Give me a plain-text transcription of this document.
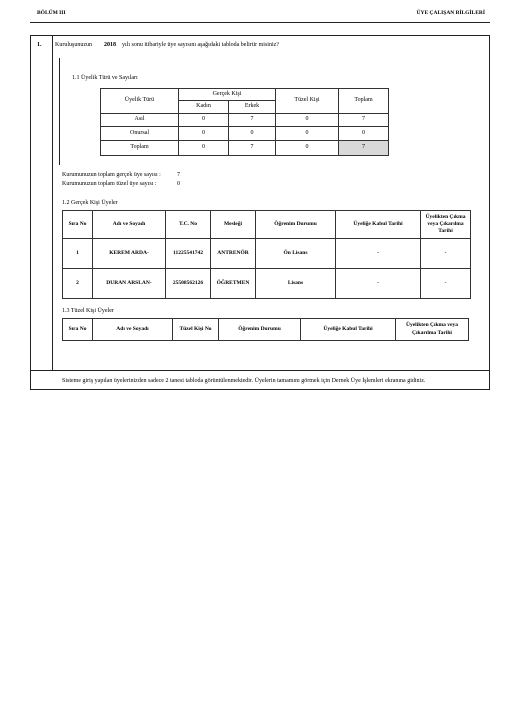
BÖLÜM III	ÜYE ÇALIŞAN BİLGİLERİ
1. Kuruluşunuzun 2018 yılı sonu itibariyle üye sayısını aşağıdaki tabloda belirtir misiniz?
1.1 Üyelik Türü ve Sayıları
Üyelik Türü	Gerçek Kişi		Tüzel Kişi	Toplam
	Kadın	Erkek		
Asıl	0	7	0	7
Onursal	0	0	0	0
Toplam	0	7	0	7
Kurumunuzun toplam gerçek üye sayısı :	7
Kurumunuzun toplam tüzel üye sayısı :	0
1.2 Gerçek Kişi Üyeler
Sıra No	Adı ve Soyadı	T.C. No	Mesleği	Öğrenim Durumu	Üyeliğe Kabul Tarihi	Üyelikten Çıkma veya Çıkarılma Tarihi
1	KEREM ARDA-	11225541742	ANTRENÖR	Ön Lisans	-	-
2	DURAN ARSLAN-	25508562126	ÖĞRETMEN	Lisans	-	-
1.3 Tüzel Kişi Üyeler
Sıra No	Adı ve Soyadı	Tüzel Kişi No	Öğrenim Durumu	Üyeliğe Kabul Tarihi	Üyelikten Çıkma veya Çıkarılma Tarihi
Sisteme giriş yapılan üyelerinizden sadece 2 tanesi tabloda görüntülenmektedir. Üyelerin tamamını görmek için Dernek Üye İşlemleri ekranına gidiniz.
